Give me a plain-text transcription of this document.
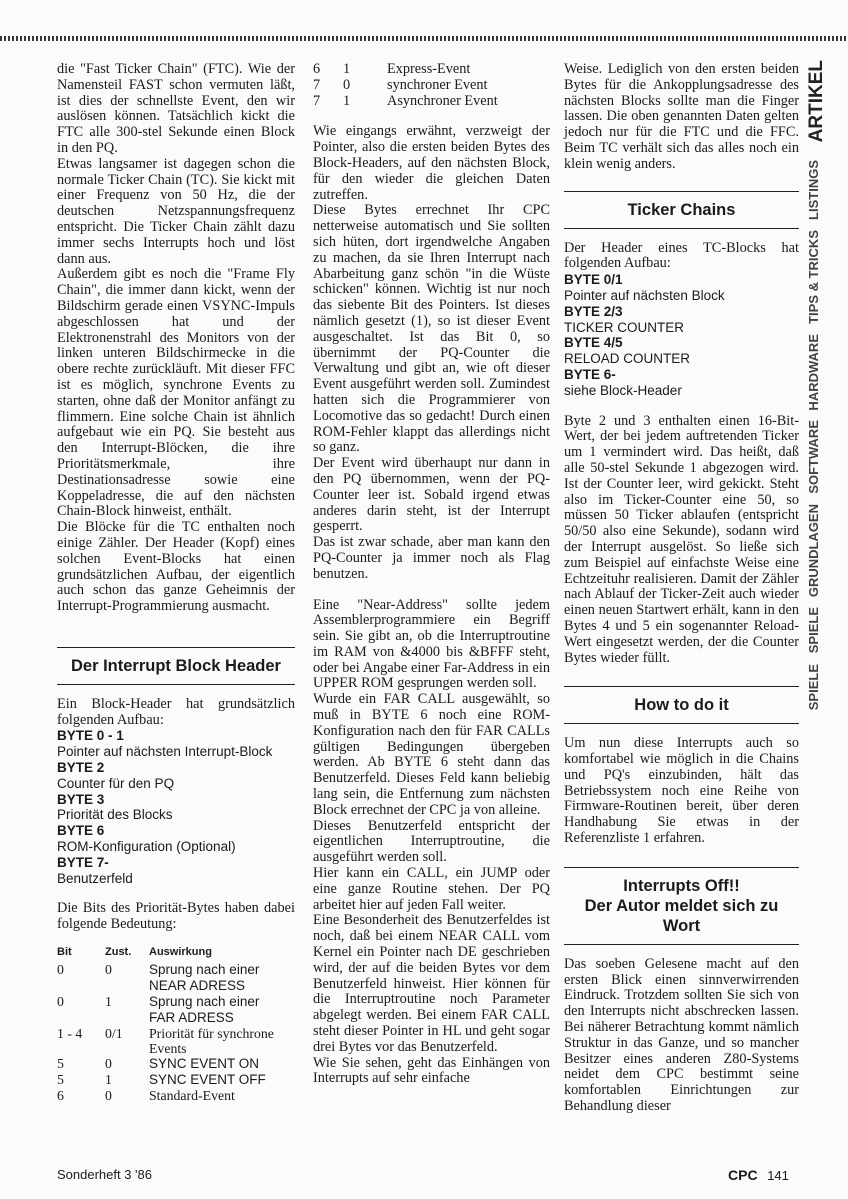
die "Fast Ticker Chain" (FTC). Wie der Namensteil FAST schon vermuten läßt, ist dies der schnellste Event, den wir auslösen können. Tatsächlich kickt die FTC alle 300-stel Sekunde einen Block in den PQ.

Etwas langsamer ist dagegen schon die normale Ticker Chain (TC). Sie kickt mit einer Frequenz von 50 Hz, die der deutschen Netzspannungsfrequenz entspricht. Die Ticker Chain zählt dazu immer sechs Interrupts hoch und löst dann aus.

Außerdem gibt es noch die "Frame Fly Chain", die immer dann kickt, wenn der Bildschirm gerade einen VSYNC-Impuls abgeschlossen hat und der Elektronenstrahl des Monitors von der linken unteren Bildschirmecke in die obere rechte zurückläuft. Mit dieser FFC ist es möglich, synchrone Events zu starten, ohne daß der Monitor anfängt zu flimmern. Eine solche Chain ist ähnlich aufgebaut wie ein PQ. Sie besteht aus den Interrupt-Blöcken, die ihre Prioritätsmerkmale, ihre Destinationsadresse sowie eine Koppeladresse, die auf den nächsten Chain-Block hinweist, enthält.

Die Blöcke für die TC enthalten noch einige Zähler. Der Header (Kopf) eines solchen Event-Blocks hat einen grundsätzlichen Aufbau, der eigentlich auch schon das ganze Geheimnis der Interrupt-Programmierung ausmacht.

Der Interrupt Block Header

Ein Block-Header hat grundsätzlich folgenden Aufbau:

BYTE 0 - 1
Pointer auf nächsten Interrupt-Block
BYTE 2
Counter für den PQ
BYTE 3
Priorität des Blocks
BYTE 6
ROM-Konfiguration (Optional)
BYTE 7-
Benutzerfeld

Die Bits des Priorität-Bytes haben dabei folgende Bedeutung:

Bit	Zust.	Auswirkung
0	0	Sprung nach einer
NEAR ADRESS
0	1	Sprung nach einer
FAR ADRESS
1 - 4	0/1	Priorität für synchrone
Events
5	0	SYNC EVENT ON
5	1	SYNC EVENT OFF
6	0	Standard-Event
6	1	Express-Event
7	0	synchroner Event
7	1	Asynchroner Event

Wie eingangs erwähnt, verzweigt der Pointer, also die ersten beiden Bytes des Block-Headers, auf den nächsten Block, für den wieder die gleichen Daten zutreffen.

Diese Bytes errechnet Ihr CPC netterweise automatisch und Sie sollten sich hüten, dort irgendwelche Angaben zu machen, da sie Ihren Interrupt nach Abarbeitung ganz schön "in die Wüste schicken" können. Wichtig ist nur noch das siebente Bit des Pointers. Ist dieses nämlich gesetzt (1), so ist dieser Event ausgeschaltet. Ist das Bit 0, so übernimmt der PQ-Counter die Verwaltung und gibt an, wie oft dieser Event ausgeführt werden soll. Zumindest hatten sich die Programmierer von Locomotive das so gedacht! Durch einen ROM-Fehler klappt das allerdings nicht so ganz.

Der Event wird überhaupt nur dann in den PQ übernommen, wenn der PQ-Counter leer ist. Sobald irgend etwas anderes darin steht, ist der Interrupt gesperrt.

Das ist zwar schade, aber man kann den PQ-Counter ja immer noch als Flag benutzen.

Eine "Near-Address" sollte jedem Assemblerprogrammiere ein Begriff sein. Sie gibt an, ob die Interruptroutine im RAM von &4000 bis &BFFF steht, oder bei Angabe einer Far-Address in ein UPPER ROM gesprungen werden soll.

Wurde ein FAR CALL ausgewählt, so muß in BYTE 6 noch eine ROM-Konfiguration nach den für FAR CALLs gültigen Bedingungen übergeben werden. Ab BYTE 6 steht dann das Benutzerfeld. Dieses Feld kann beliebig lang sein, die Entfernung zum nächsten Block errechnet der CPC ja von alleine.

Dieses Benutzerfeld entspricht der eigentlichen Interruptroutine, die ausgeführt werden soll.

Hier kann ein CALL, ein JUMP oder eine ganze Routine stehen. Der PQ arbeitet hier auf jeden Fall weiter.

Eine Besonderheit des Benutzerfeldes ist noch, daß bei einem NEAR CALL vom Kernel ein Pointer nach DE geschrieben wird, der auf die beiden Bytes vor dem Benutzerfeld hinweist. Hier können für die Interruptroutine noch Parameter abgelegt werden. Bei einem FAR CALL steht dieser Pointer in HL und geht sogar drei Bytes vor das Benutzerfeld.

Wie Sie sehen, geht das Einhängen von Interrupts auf sehr einfache

Weise. Lediglich von den ersten beiden Bytes für die Ankopplungsadresse des nächsten Blocks sollte man die Finger lassen. Die oben genannten Daten gelten jedoch nur für die FTC und die FFC. Beim TC verhält sich das alles noch ein klein wenig anders.

Ticker Chains

Der Header eines TC-Blocks hat folgenden Aufbau:

BYTE 0/1
Pointer auf nächsten Block
BYTE 2/3
TICKER COUNTER
BYTE 4/5
RELOAD COUNTER
BYTE 6-
siehe Block-Header

Byte 2 und 3 enthalten einen 16-Bit-Wert, der bei jedem auftretenden Ticker um 1 vermindert wird. Das heißt, daß alle 50-stel Sekunde 1 abgezogen wird. Ist der Counter leer, wird gekickt. Steht also im Ticker-Counter eine 50, so müssen 50 Ticker ablaufen (entspricht 50/50 also eine Sekunde), sodann wird der Interrupt ausgelöst. So ließe sich zum Beispiel auf einfachste Weise eine Echtzeituhr realisieren. Damit der Zähler nach Ablauf der Ticker-Zeit auch wieder einen neuen Startwert erhält, kann in den Bytes 4 und 5 ein sogenannter Reload-Wert eingesetzt werden, der die Counter Bytes wieder füllt.

How to do it

Um nun diese Interrupts auch so komfortabel wie möglich in die Chains und PQ's einzubinden, hält das Betriebssystem noch eine Reihe von Firmware-Routinen bereit, über deren Handhabung Sie etwas in der Referenzliste 1 erfahren.

Interrupts Off!!
Der Autor meldet sich zu Wort

Das soeben Gelesene macht auf den ersten Blick einen sinnverwirrenden Eindruck. Trotzdem sollten Sie sich von den Interrupts nicht abschrecken lassen. Bei näherer Betrachtung kommt nämlich Struktur in das Ganze, und so mancher Besitzer eines anderen Z80-Systems neidet dem CPC bestimmt seine komfortablen Einrichtungen zur Behandlung dieser

ARTIKEL
LISTINGS
TIPS & TRICKS
HARDWARE
SOFTWARE
GRUNDLAGEN
SPIELE
SPIELE
Sonderheft 3 '86	CPC 141
